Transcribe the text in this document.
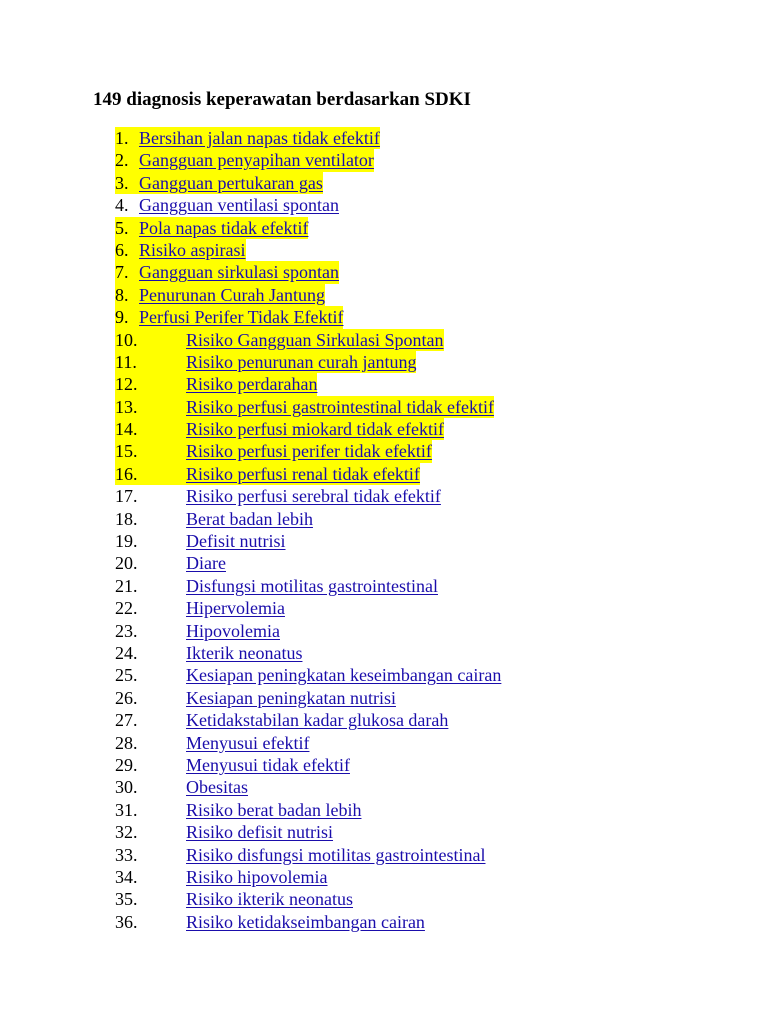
149 diagnosis keperawatan berdasarkan SDKI
1. Bersihan jalan napas tidak efektif
2. Gangguan penyapihan ventilator
3. Gangguan pertukaran gas
4. Gangguan ventilasi spontan
5. Pola napas tidak efektif
6. Risiko aspirasi
7. Gangguan sirkulasi spontan
8. Penurunan Curah Jantung
9. Perfusi Perifer Tidak Efektif
10.	Risiko Gangguan Sirkulasi Spontan
11.	Risiko penurunan curah jantung
12.	Risiko perdarahan
13.	Risiko perfusi gastrointestinal tidak efektif
14.	Risiko perfusi miokard tidak efektif
15.	Risiko perfusi perifer tidak efektif
16.	Risiko perfusi renal tidak efektif
17.	Risiko perfusi serebral tidak efektif
18.	Berat badan lebih
19.	Defisit nutrisi
20.	Diare
21.	Disfungsi motilitas gastrointestinal
22.	Hipervolemia
23.	Hipovolemia
24.	Ikterik neonatus
25.	Kesiapan peningkatan keseimbangan cairan
26.	Kesiapan peningkatan nutrisi
27.	Ketidakstabilan kadar glukosa darah
28.	Menyusui efektif
29.	Menyusui tidak efektif
30.	Obesitas
31.	Risiko berat badan lebih
32.	Risiko defisit nutrisi
33.	Risiko disfungsi motilitas gastrointestinal
34.	Risiko hipovolemia
35.	Risiko ikterik neonatus
36.	Risiko ketidakseimbangan cairan
